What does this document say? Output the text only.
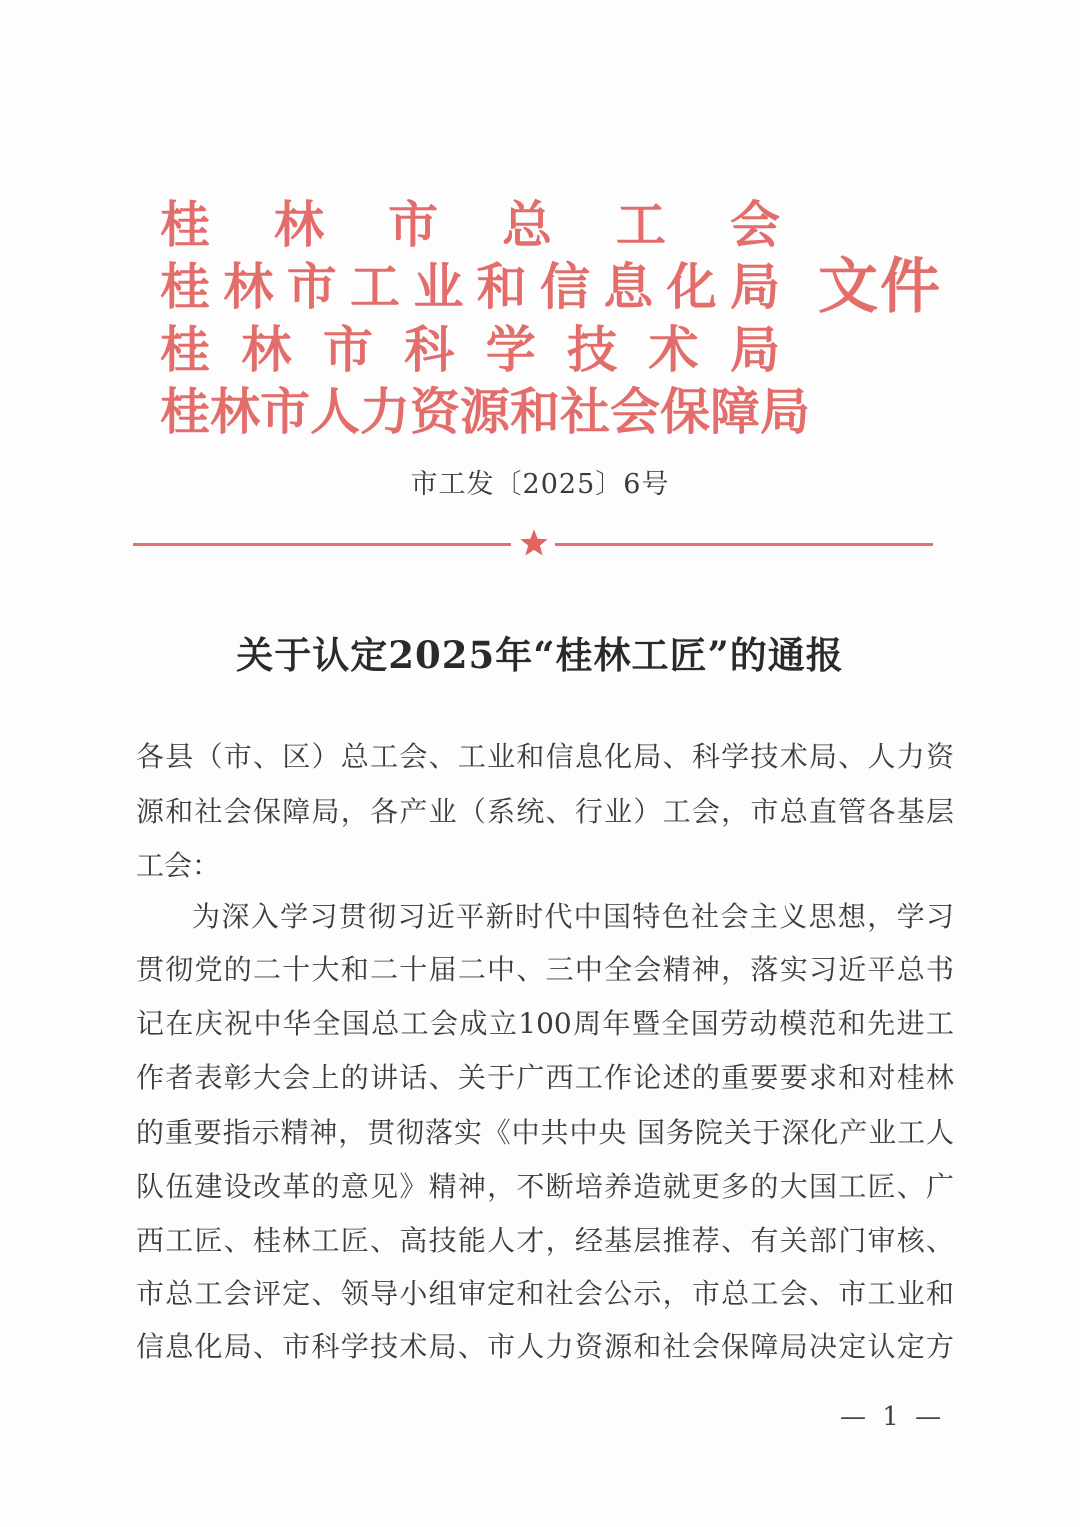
桂 林 市 总 工 会
桂 林 市 工 业 和 信 息 化 局
桂 林 市 科 学 技 术 局
桂 林 市 人 力 资 源 和 社 会 保 障 局
文件
市工发〔2025〕6号
关于认定2025年“桂林工匠”的通报
各县（市、区）总工会、工业和信息化局、科学技术局、人力资
源和社会保障局，各产业（系统、行业）工会，市总直管各基层
工会：
为深入学习贯彻习近平新时代中国特色社会主义思想，学习
贯彻党的二十大和二十届二中、三中全会精神，落实习近平总书
记在庆祝中华全国总工会成立100周年暨全国劳动模范和先进工
作者表彰大会上的讲话、关于广西工作论述的重要要求和对桂林
的重要指示精神，贯彻落实《中共中央 国务院关于深化产业工人
队伍建设改革的意见》精神，不断培养造就更多的大国工匠、广
西工匠、桂林工匠、高技能人才，经基层推荐、有关部门审核、
市总工会评定、领导小组审定和社会公示，市总工会、市工业和
信息化局、市科学技术局、市人力资源和社会保障局决定认定方
— 1 —
